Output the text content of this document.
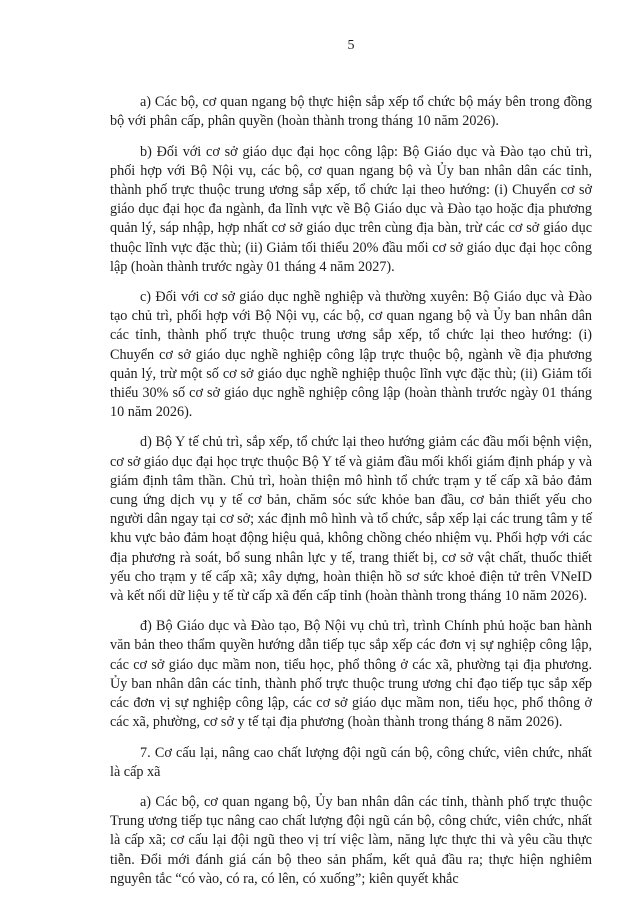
5

a) Các bộ, cơ quan ngang bộ thực hiện sắp xếp tổ chức bộ máy bên trong đồng bộ với phân cấp, phân quyền (hoàn thành trong tháng 10 năm 2026).

b) Đối với cơ sở giáo dục đại học công lập: Bộ Giáo dục và Đào tạo chủ trì, phối hợp với Bộ Nội vụ, các bộ, cơ quan ngang bộ và Ủy ban nhân dân các tỉnh, thành phố trực thuộc trung ương sắp xếp, tổ chức lại theo hướng: (i) Chuyển cơ sở giáo dục đại học đa ngành, đa lĩnh vực về Bộ Giáo dục và Đào tạo hoặc địa phương quản lý, sáp nhập, hợp nhất cơ sở giáo dục trên cùng địa bàn, trừ các cơ sở giáo dục thuộc lĩnh vực đặc thù; (ii) Giảm tối thiểu 20% đầu mối cơ sở giáo dục đại học công lập (hoàn thành trước ngày 01 tháng 4 năm 2027).

c) Đối với cơ sở giáo dục nghề nghiệp và thường xuyên: Bộ Giáo dục và Đào tạo chủ trì, phối hợp với Bộ Nội vụ, các bộ, cơ quan ngang bộ và Ủy ban nhân dân các tỉnh, thành phố trực thuộc trung ương sắp xếp, tổ chức lại theo hướng: (i) Chuyển cơ sở giáo dục nghề nghiệp công lập trực thuộc bộ, ngành về địa phương quản lý, trừ một số cơ sở giáo dục nghề nghiệp thuộc lĩnh vực đặc thù; (ii) Giảm tối thiểu 30% số cơ sở giáo dục nghề nghiệp công lập (hoàn thành trước ngày 01 tháng 10 năm 2026).

d) Bộ Y tế chủ trì, sắp xếp, tổ chức lại theo hướng giảm các đầu mối bệnh viện, cơ sở giáo dục đại học trực thuộc Bộ Y tế và giảm đầu mối khối giám định pháp y và giám định tâm thần. Chủ trì, hoàn thiện mô hình tổ chức trạm y tế cấp xã bảo đảm cung ứng dịch vụ y tế cơ bản, chăm sóc sức khỏe ban đầu, cơ bản thiết yếu cho người dân ngay tại cơ sở; xác định mô hình và tổ chức, sắp xếp lại các trung tâm y tế khu vực bảo đảm hoạt động hiệu quả, không chồng chéo nhiệm vụ. Phối hợp với các địa phương rà soát, bổ sung nhân lực y tế, trang thiết bị, cơ sở vật chất, thuốc thiết yếu cho trạm y tế cấp xã; xây dựng, hoàn thiện hồ sơ sức khoẻ điện tử trên VNeID và kết nối dữ liệu y tế từ cấp xã đến cấp tỉnh (hoàn thành trong tháng 10 năm 2026).

đ) Bộ Giáo dục và Đào tạo, Bộ Nội vụ chủ trì, trình Chính phủ hoặc ban hành văn bản theo thẩm quyền hướng dẫn tiếp tục sắp xếp các đơn vị sự nghiệp công lập, các cơ sở giáo dục mầm non, tiểu học, phổ thông ở các xã, phường tại địa phương. Ủy ban nhân dân các tỉnh, thành phố trực thuộc trung ương chỉ đạo tiếp tục sắp xếp các đơn vị sự nghiệp công lập, các cơ sở giáo dục mầm non, tiểu học, phổ thông ở các xã, phường, cơ sở y tế tại địa phương (hoàn thành trong tháng 8 năm 2026).

7. Cơ cấu lại, nâng cao chất lượng đội ngũ cán bộ, công chức, viên chức, nhất là cấp xã

a) Các bộ, cơ quan ngang bộ, Ủy ban nhân dân các tỉnh, thành phố trực thuộc Trung ương tiếp tục nâng cao chất lượng đội ngũ cán bộ, công chức, viên chức, nhất là cấp xã; cơ cấu lại đội ngũ theo vị trí việc làm, năng lực thực thi và yêu cầu thực tiễn. Đổi mới đánh giá cán bộ theo sản phẩm, kết quả đầu ra; thực hiện nghiêm nguyên tắc “có vào, có ra, có lên, có xuống”; kiên quyết khắc
